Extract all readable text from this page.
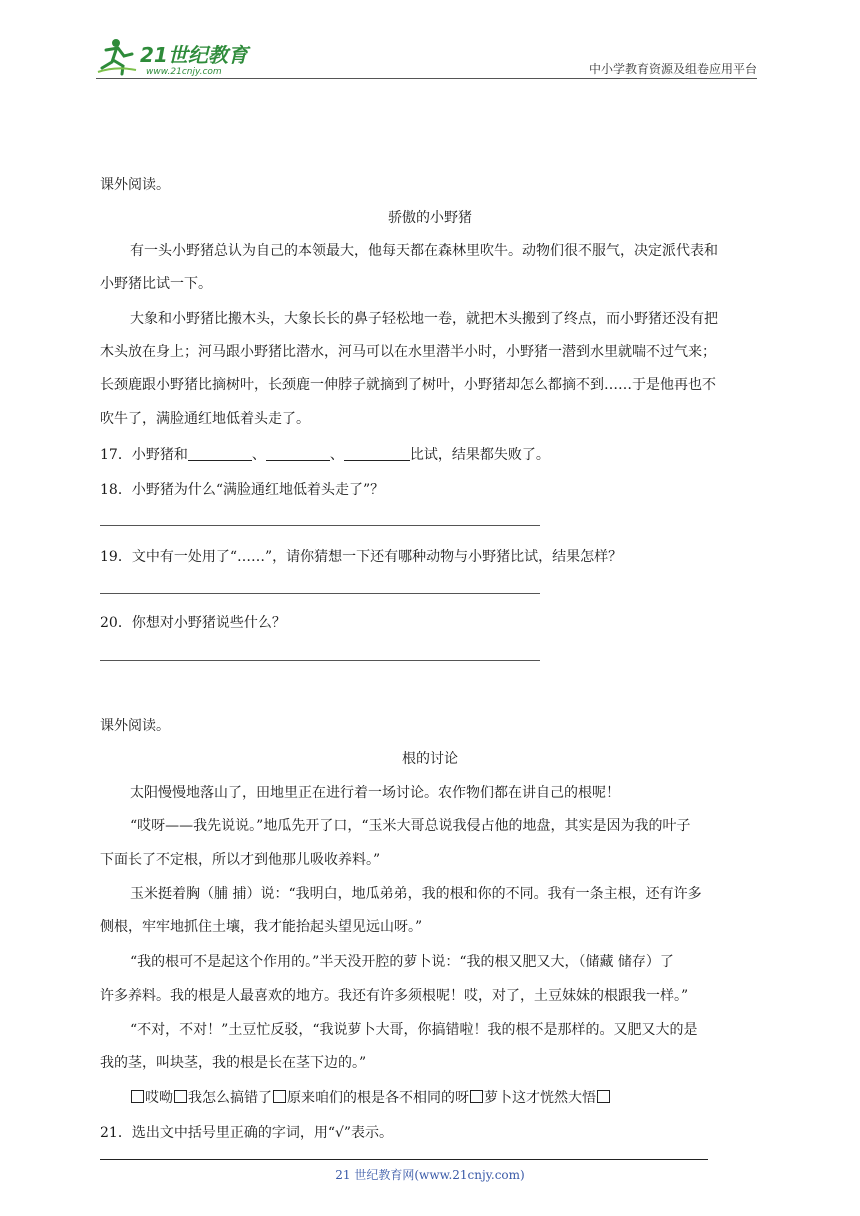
21世纪教育
www.21cnjy.com	中小学教育资源及组卷应用平台
课外阅读。
骄傲的小野猪
有一头小野猪总认为自己的本领最大，他每天都在森林里吹牛。动物们很不服气，决定派代表和
小野猪比试一下。
大象和小野猪比搬木头，大象长长的鼻子轻松地一卷，就把木头搬到了终点，而小野猪还没有把
木头放在身上；河马跟小野猪比潜水，河马可以在水里潜半小时，小野猪一潜到水里就喘不过气来；
长颈鹿跟小野猪比摘树叶，长颈鹿一伸脖子就摘到了树叶，小野猪却怎么都摘不到……于是他再也不
吹牛了，满脸通红地低着头走了。
17．小野猪和	、	、	比试，结果都失败了。
18．小野猪为什么“满脸通红地低着头走了”？
19．文中有一处用了“……”，请你猜想一下还有哪种动物与小野猪比试，结果怎样？
20．你想对小野猪说些什么？
课外阅读。
根的讨论
太阳慢慢地落山了，田地里正在进行着一场讨论。农作物们都在讲自己的根呢！
“哎呀——我先说说。”地瓜先开了口，“玉米大哥总说我侵占他的地盘，其实是因为我的叶子
下面长了不定根，所以才到他那儿吸收养料。”
玉米挺着胸（脯 捕）说：“我明白，地瓜弟弟，我的根和你的不同。我有一条主根，还有许多
侧根，牢牢地抓住土壤，我才能抬起头望见远山呀。”
“我的根可不是起这个作用的。”半天没开腔的萝卜说：“我的根又肥又大，（储藏 储存）了
许多养料。我的根是人最喜欢的地方。我还有许多须根呢！哎，对了，土豆妹妹的根跟我一样。”
“不对，不对！”土豆忙反驳，“我说萝卜大哥，你搞错啦！我的根不是那样的。又肥又大的是
我的茎，叫块茎，我的根是长在茎下边的。”
哎呦 我怎么搞错了 原来咱们的根是各不相同的呀 萝卜这才恍然大悟
21．选出文中括号里正确的字词，用“√”表示。
21 世纪教育网(www.21cnjy.com)
